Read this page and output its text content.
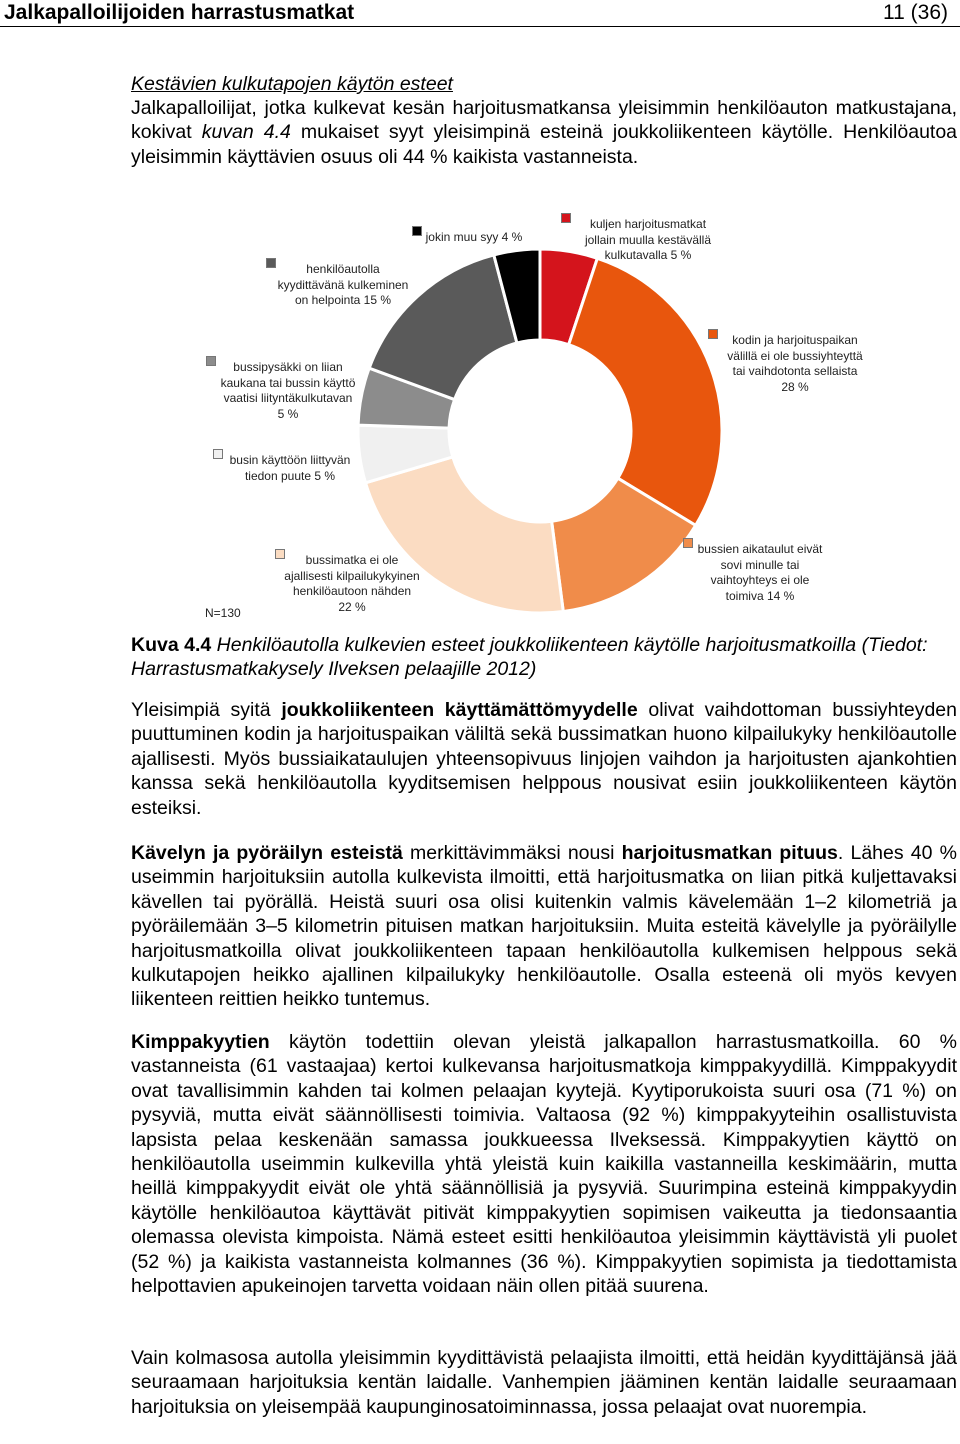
Jalkapalloilijoiden harrastusmatkat	11 (36)
Kestävien kulkutapojen käytön esteet

Jalkapalloilijat, jotka kulkevat kesän harjoitusmatkansa yleisimmin henkilöauton matkustajana, kokivat kuvan 4.4 mukaiset syyt yleisimpinä esteinä joukkoliikenteen käytölle. Henkilöautoa yleisimmin käyttävien osuus oli 44 % kaikista vastanneista.

N=130
kuljen harjoitusmatkat
jollain muulla kestävällä
kulkutavalla 5 %
kodin ja harjoituspaikan
välillä ei ole bussiyhteyttä
tai vaihdotonta sellaista
28 %
bussien aikataulut eivät
sovi minulle tai
vaihtoyhteys ei ole
toimiva 14 %
bussimatka ei ole
ajallisesti kilpailukykyinen
henkilöautoon nähden
22 %
busin käyttöön liittyvän
tiedon puute 5 %
bussipysäkki on liian
kaukana tai bussin käyttö
vaatisi liityntäkulkutavan
5 %
henkilöautolla
kyydittävänä kulkeminen
on helpointa 15 %
jokin muu syy 4 %

Kuva 4.4 Henkilöautolla kulkevien esteet joukkoliikenteen käytölle harjoitusmatkoilla (Tiedot: Harrastusmatkakysely Ilveksen pelaajille 2012)

Yleisimpiä syitä joukkoliikenteen käyttämättömyydelle olivat vaihdottoman bussiyhteyden puuttuminen kodin ja harjoituspaikan väliltä sekä bussimatkan huono kilpailukyky henkilöautolle ajallisesti. Myös bussiaikataulujen yhteensopivuus linjojen vaihdon ja harjoitusten ajankohtien kanssa sekä henkilöautolla kyyditsemisen helppous nousivat esiin joukkoliikenteen käytön esteiksi.

Kävelyn ja pyöräilyn esteistä merkittävimmäksi nousi harjoitusmatkan pituus. Lähes 40 % useimmin harjoituksiin autolla kulkevista ilmoitti, että harjoitusmatka on liian pitkä kuljettavaksi kävellen tai pyörällä. Heistä suuri osa olisi kuitenkin valmis kävelemään 1–2 kilometriä ja pyöräilemään 3–5 kilometrin pituisen matkan harjoituksiin. Muita esteitä kävelylle ja pyöräilylle harjoitusmatkoilla olivat joukkoliikenteen tapaan henkilöautolla kulkemisen helppous sekä kulkutapojen heikko ajallinen kilpailukyky henkilöautolle. Osalla esteenä oli myös kevyen liikenteen reittien heikko tuntemus.

Kimppakyytien käytön todettiin olevan yleistä jalkapallon harrastusmatkoilla. 60 % vastanneista (61 vastaajaa) kertoi kulkevansa harjoitusmatkoja kimppakyydillä. Kimppakyydit ovat tavallisimmin kahden tai kolmen pelaajan kyytejä. Kyytiporukoista suuri osa (71 %) on pysyviä, mutta eivät säännöllisesti toimivia. Valtaosa (92 %) kimppakyyteihin osallistuvista lapsista pelaa keskenään samassa joukkueessa Ilveksessä. Kimppakyytien käyttö on henkilöautolla useimmin kulkevilla yhtä yleistä kuin kaikilla vastanneilla keskimäärin, mutta heillä kimppakyydit eivät ole yhtä säännöllisiä ja pysyviä. Suurimpina esteinä kimppakyydin käytölle henkilöautoa käyttävät pitivät kimppakyytien sopimisen vaikeutta ja tiedonsaantia olemassa olevista kimpoista. Nämä esteet esitti henkilöautoa yleisimmin käyttävistä yli puolet (52 %) ja kaikista vastanneista kolmannes (36 %). Kimppakyytien sopimista ja tiedottamista helpottavien apukeinojen tarvetta voidaan näin ollen pitää suurena.

Vain kolmasosa autolla yleisimmin kyydittävistä pelaajista ilmoitti, että heidän kyydittäjänsä jää seuraamaan harjoituksia kentän laidalle. Vanhempien jääminen kentän laidalle seuraamaan harjoituksia on yleisempää kaupunginosatoiminnassa, jossa pelaajat ovat nuorempia.
